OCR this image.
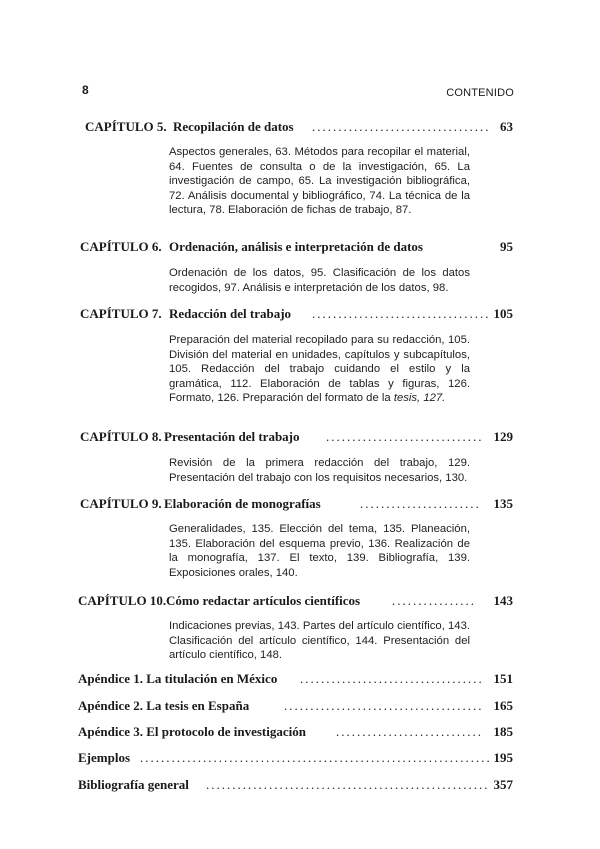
8	CONTENIDO
CAPÍTULO 5. Recopilación de datos .................................. 63
Aspectos generales, 63. Métodos para recopilar el material, 64. Fuentes de consulta o de la investigación, 65. La investigación de campo, 65. La investigación bibliográfica, 72. Análisis documental y bibliográfico, 74. La técnica de la lectura, 78. Elaboración de fichas de trabajo, 87.
CAPÍTULO 6. Ordenación, análisis e interpretación de datos	95
Ordenación de los datos, 95. Clasificación de los datos recogidos, 97. Análisis e interpretación de los datos, 98.
CAPÍTULO 7. Redacción del trabajo .................................. 105
Preparación del material recopilado para su redacción, 105. División del material en unidades, capítulos y subcapítulos, 105. Redacción del trabajo cuidando el estilo y la gramática, 112. Elaboración de tablas y figuras, 126. Formato, 126. Preparación del formato de la tesis, 127.
CAPÍTULO 8. Presentación del trabajo .............................. 129
Revisión de la primera redacción del trabajo, 129. Presentación del trabajo con los requisitos necesarios, 130.
CAPÍTULO 9. Elaboración de monografías	....................... 135
Generalidades, 135. Elección del tema, 135. Planeación, 135. Elaboración del esquema previo, 136. Realización de la monografía, 137. El texto, 139. Bibliografía, 139. Exposiciones orales, 140.
CAPÍTULO 10. Cómo redactar artículos científicos ................ 143
Indicaciones previas, 143. Partes del artículo científico, 143. Clasificación del artículo científico, 144. Presentación del artículo científico, 148.
Apéndice 1. La titulación en México ................................... 151
Apéndice 2. La tesis en España	...................................... 165
Apéndice 3. El protocolo de investigación ............................ 185
Ejemplos ................................................................... 195
Bibliografía general ...................................................... 357
